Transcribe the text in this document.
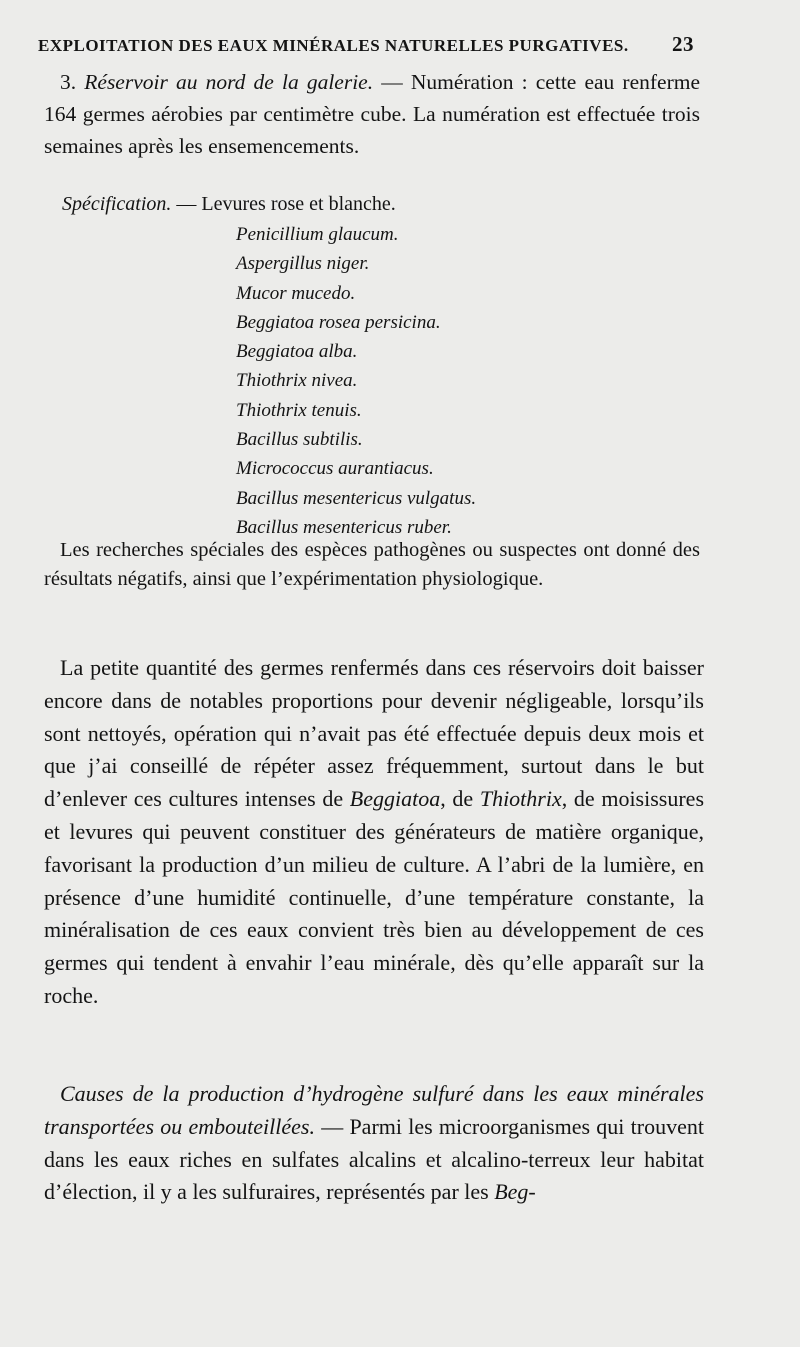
EXPLOITATION DES EAUX MINÉRALES NATURELLES PURGATIVES. 23
3. Réservoir au nord de la galerie. — Numération : cette eau renferme 164 germes aérobies par centimètre cube. La numération est effectuée trois semaines après les ensemencements.
Spécification. — Levures rose et blanche.
Penicillium glaucum.
Aspergillus niger.
Mucor mucedo.
Beggiatoa rosea persicina.
Beggiatoa alba.
Thiothrix nivea.
Thiothrix tenuis.
Bacillus subtilis.
Micrococcus aurantiacus.
Bacillus mesentericus vulgatus.
Bacillus mesentericus ruber.
Les recherches spéciales des espèces pathogènes ou suspectes ont donné des résultats négatifs, ainsi que l’expérimentation physiologique.
La petite quantité des germes renfermés dans ces réservoirs doit baisser encore dans de notables proportions pour devenir négligeable, lorsqu’ils sont nettoyés, opération qui n’avait pas été effectuée depuis deux mois et que j’ai conseillé de répéter assez fréquemment, surtout dans le but d’enlever ces cultures intenses de Beggiatoa, de Thiothrix, de moisissures et levures qui peuvent constituer des générateurs de matière organique, favorisant la production d’un milieu de culture. A l’abri de la lumière, en présence d’une humidité continuelle, d’une température constante, la minéralisation de ces eaux convient très bien au développement de ces germes qui tendent à envahir l’eau minérale, dès qu’elle apparaît sur la roche.
Causes de la production d’hydrogène sulfuré dans les eaux minérales transportées ou embouteillées. — Parmi les microorganismes qui trouvent dans les eaux riches en sulfates alcalins et alcalino-terreux leur habitat d’élection, il y a les sulfuraires, représentés par les Beg-
